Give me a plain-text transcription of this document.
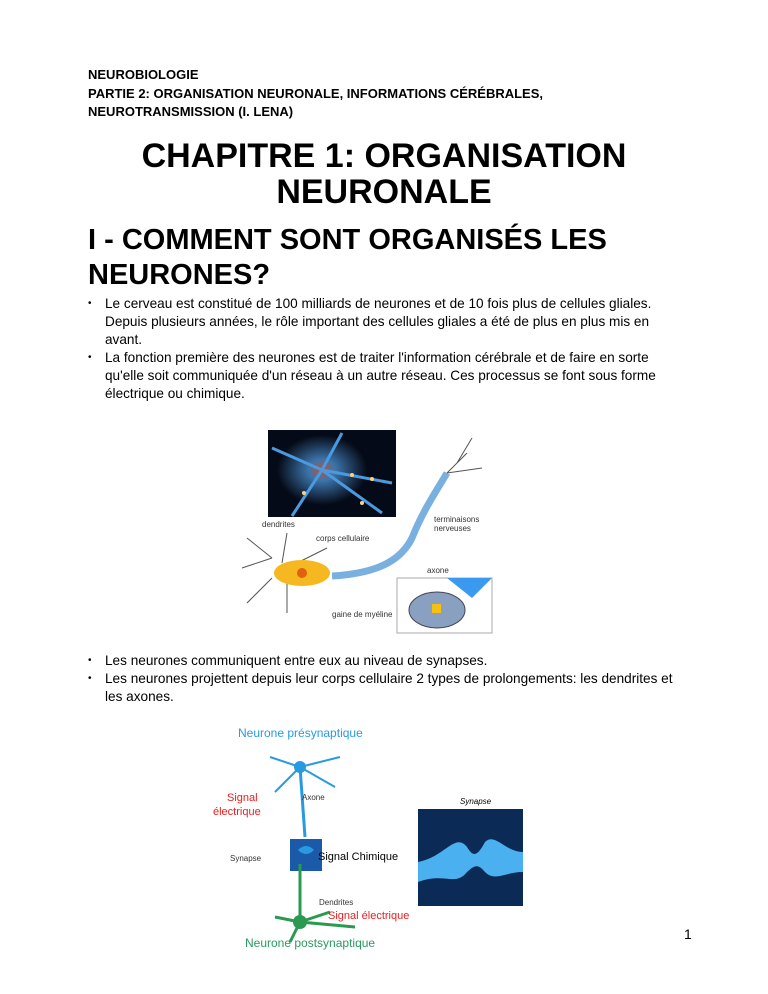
NEUROBIOLOGIE
PARTIE 2: ORGANISATION NEURONALE, INFORMATIONS CÉRÉBRALES,
NEUROTRANSMISSION (I. LENA)
CHAPITRE 1: ORGANISATION
NEURONALE
I - COMMENT SONT ORGANISÉS LES NEURONES?
• Le cerveau est constitué de 100 milliards de neurones et de 10 fois plus de cellules gliales. Depuis plusieurs années, le rôle important des cellules gliales a été de plus en plus mis en avant.
• La fonction première des neurones est de traiter l'information cérébrale et de faire en sorte qu'elle soit communiquée d'un réseau à un autre réseau. Ces processus se font sous forme électrique ou chimique.
dendrites
corps cellulaire
terminaisons
nerveuses
axone
gaine de myéline
• Les neurones communiquent entre eux au niveau de synapses.
• Les neurones projettent depuis leur corps cellulaire 2 types de prolongements: les dendrites et les axones.
Neurone présynaptique
Signal
électrique
Axone
Synapse	Signal Chimique
Dendrites
Signal électrique
Neurone postsynaptique
Synapse
1
